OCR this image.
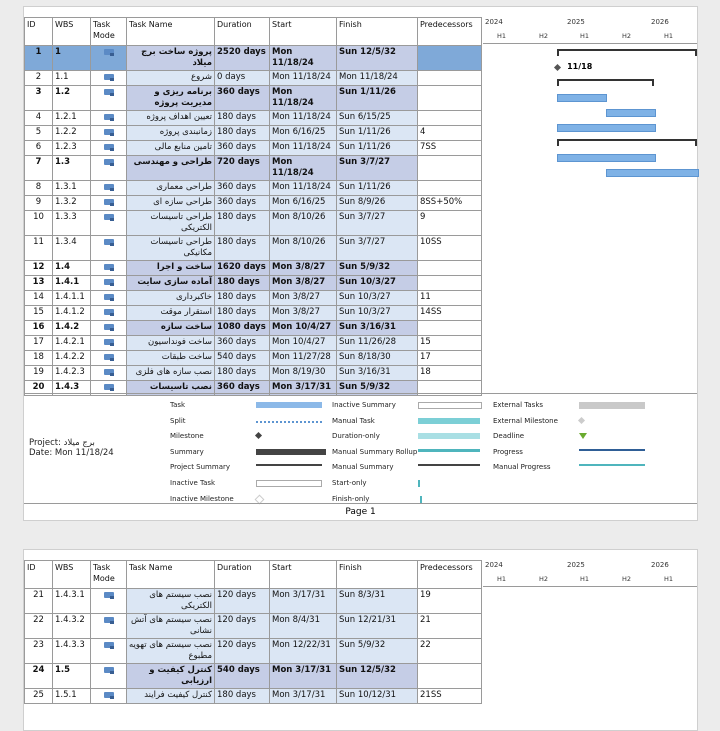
ID	WBS	Task Mode	Task Name	Duration	Start	Finish	Predecessors
1	1		پروژه ساخت برج میلاد	2520 days	Mon 11/18/24	Sun 12/5/32	
2	1.1		شروع	0 days	Mon 11/18/24	Mon 11/18/24	
3	1.2		برنامه ریزی و مدیریت پروژه	360 days	Mon 11/18/24	Sun 1/11/26	
4	1.2.1		تعیین اهداف پروژه	180 days	Mon 11/18/24	Sun 6/15/25	
5	1.2.2		زمانبندی پروژه	180 days	Mon 6/16/25	Sun 1/11/26	4
6	1.2.3		تامین منابع مالی	360 days	Mon 11/18/24	Sun 1/11/26	7SS
7	1.3		طراحی و مهندسی	720 days	Mon 11/18/24	Sun 3/7/27	
8	1.3.1		طراحی معماری	360 days	Mon 11/18/24	Sun 1/11/26	
9	1.3.2		طراحی سازه ای	360 days	Mon 6/16/25	Sun 8/9/26	8SS+50%
10	1.3.3		طراحی تاسیسات الکتریکی	180 days	Mon 8/10/26	Sun 3/7/27	9
11	1.3.4		طراحی تاسیسات مکانیکی	180 days	Mon 8/10/26	Sun 3/7/27	10SS
12	1.4		ساخت و اجرا	1620 days	Mon 3/8/27	Sun 5/9/32	
13	1.4.1		آماده سازی سایت	180 days	Mon 3/8/27	Sun 10/3/27	
14	1.4.1.1		خاکبرداری	180 days	Mon 3/8/27	Sun 10/3/27	11
15	1.4.1.2		استقرار موقت	180 days	Mon 3/8/27	Sun 10/3/27	14SS
16	1.4.2		ساخت سازه	1080 days	Mon 10/4/27	Sun 3/16/31	
17	1.4.2.1		ساخت فونداسیون	360 days	Mon 10/4/27	Sun 11/26/28	15
18	1.4.2.2		ساخت طبقات	540 days	Mon 11/27/28	Sun 8/18/30	17
19	1.4.2.3		نصب سازه های فلزی	180 days	Mon 8/19/30	Sun 3/16/31	18
20	1.4.3		نصب تاسیسات	360 days	Mon 3/17/31	Sun 5/9/32	
2024	2025	2026
H1	H2	H1	H2	H1
11/18
Project: برج میلاد
Date: Mon 11/18/24
Task
Split
Milestone
Summary
Project Summary
Inactive Task
Inactive Milestone
Inactive Summary
Manual Task
Duration-only
Manual Summary Rollup
Manual Summary
Start-only
Finish-only
External Tasks
External Milestone
Deadline
Progress
Manual Progress
Page 1
ID	WBS	Task Mode	Task Name	Duration	Start	Finish	Predecessors
21	1.4.3.1		نصب سیستم های الکتریکی	120 days	Mon 3/17/31	Sun 8/3/31	19
22	1.4.3.2		نصب سیستم های آتش نشانی	120 days	Mon 8/4/31	Sun 12/21/31	21
23	1.4.3.3		نصب سیستم های تهویه مطبوع	120 days	Mon 12/22/31	Sun 5/9/32	22
24	1.5		کنترل کیفیت و ارزیابی	540 days	Mon 3/17/31	Sun 12/5/32	
25	1.5.1		کنترل کیفیت فرایند	180 days	Mon 3/17/31	Sun 10/12/31	21SS
2024	2025	2026
H1	H2	H1	H2	H1
